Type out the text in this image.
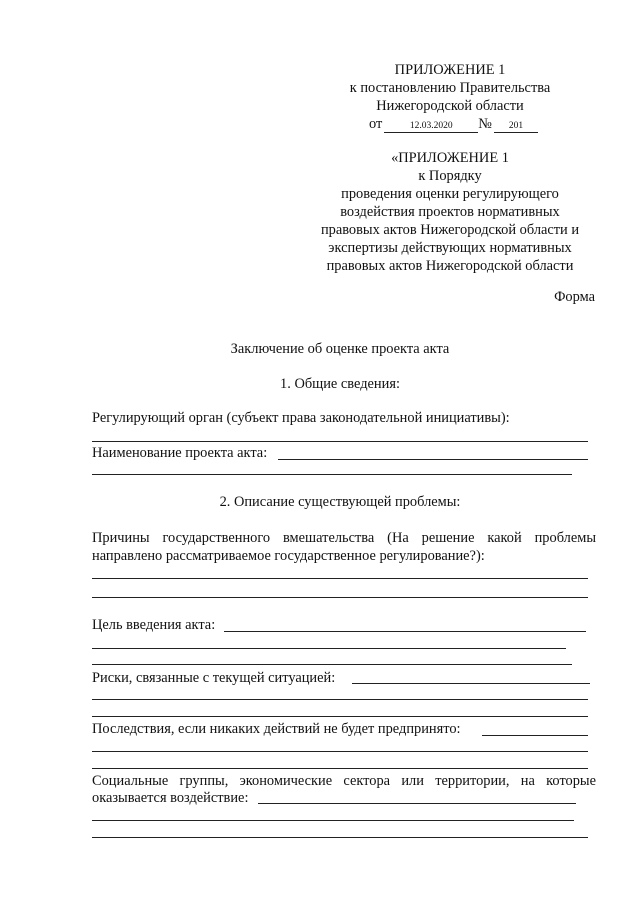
ПРИЛОЖЕНИЕ 1
к постановлению Правительства
Нижегородской области
от	12.03.2020 № 201
«ПРИЛОЖЕНИЕ 1
к Порядку
проведения оценки регулирующего
воздействия проектов нормативных
правовых актов Нижегородской области и
экспертизы действующих нормативных
правовых актов Нижегородской области
Форма
Заключение об оценке проекта акта
1. Общие сведения:
Регулирующий орган (субъект права законодательной инициативы):
Наименование проекта акта:
2. Описание существующей проблемы:
Причины государственного вмешательства (На решение какой проблемы
направлено рассматриваемое государственное регулирование?):
Цель введения акта:
Риски, связанные с текущей ситуацией:
Последствия, если никаких действий не будет предпринято:
Социальные группы, экономические сектора или территории, на которые
оказывается воздействие:
